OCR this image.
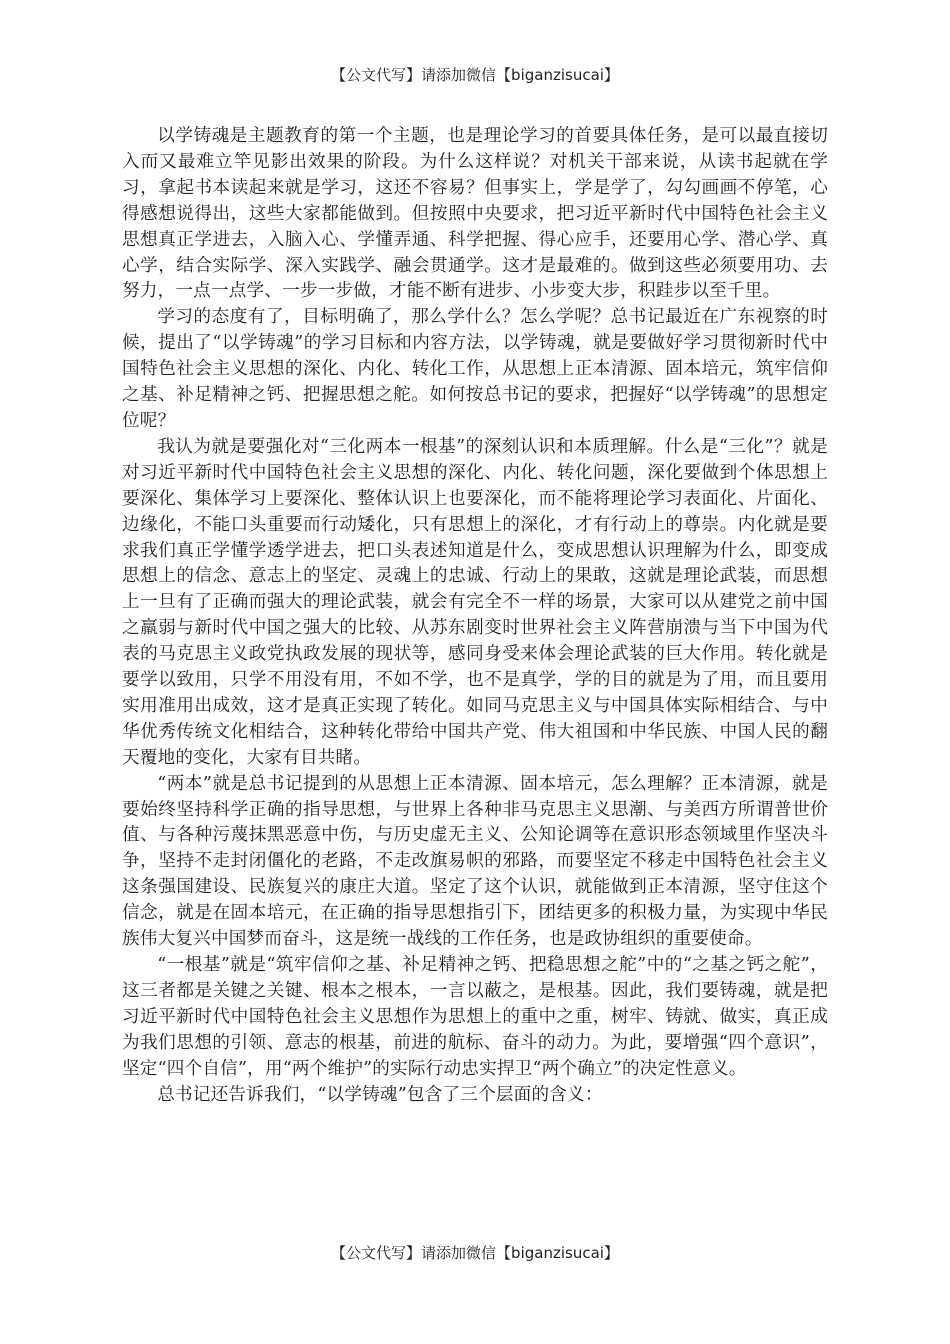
【公文代写】请添加微信【biganzisucai】

以学铸魂是主题教育的第一个主题，也是理论学习的首要具体任务，是可以最直接切入而又最难立竿见影出效果的阶段。为什么这样说？对机关干部来说，从读书起就在学习，拿起书本读起来就是学习，这还不容易？但事实上，学是学了，勾勾画画不停笔，心得感想说得出，这些大家都能做到。但按照中央要求，把习近平新时代中国特色社会主义思想真正学进去，入脑入心、学懂弄通、科学把握、得心应手，还要用心学、潜心学、真心学，结合实际学、深入实践学、融会贯通学。这才是最难的。做到这些必须要用功、去努力，一点一点学、一步一步做，才能不断有进步、小步变大步，积跬步以至千里。

学习的态度有了，目标明确了，那么学什么？怎么学呢？总书记最近在广东视察的时候，提出了“以学铸魂”的学习目标和内容方法，以学铸魂，就是要做好学习贯彻新时代中国特色社会主义思想的深化、内化、转化工作，从思想上正本清源、固本培元，筑牢信仰之基、补足精神之钙、把握思想之舵。如何按总书记的要求，把握好“以学铸魂”的思想定位呢？

我认为就是要强化对“三化两本一根基”的深刻认识和本质理解。什么是“三化”？就是对习近平新时代中国特色社会主义思想的深化、内化、转化问题，深化要做到个体思想上要深化、集体学习上要深化、整体认识上也要深化，而不能将理论学习表面化、片面化、边缘化，不能口头重要而行动矮化，只有思想上的深化，才有行动上的尊崇。内化就是要求我们真正学懂学透学进去，把口头表述知道是什么，变成思想认识理解为什么，即变成思想上的信念、意志上的坚定、灵魂上的忠诚、行动上的果敢，这就是理论武装，而思想上一旦有了正确而强大的理论武装，就会有完全不一样的场景，大家可以从建党之前中国之羸弱与新时代中国之强大的比较、从苏东剧变时世界社会主义阵营崩溃与当下中国为代表的马克思主义政党执政发展的现状等，感同身受来体会理论武装的巨大作用。转化就是要学以致用，只学不用没有用，不如不学，也不是真学，学的目的就是为了用，而且要用实用准用出成效，这才是真正实现了转化。如同马克思主义与中国具体实际相结合、与中华优秀传统文化相结合，这种转化带给中国共产党、伟大祖国和中华民族、中国人民的翻天覆地的变化，大家有目共睹。

“两本”就是总书记提到的从思想上正本清源、固本培元，怎么理解？正本清源，就是要始终坚持科学正确的指导思想，与世界上各种非马克思主义思潮、与美西方所谓普世价值、与各种污蔑抹黑恶意中伤，与历史虚无主义、公知论调等在意识形态领域里作坚决斗争，坚持不走封闭僵化的老路，不走改旗易帜的邪路，而要坚定不移走中国特色社会主义这条强国建设、民族复兴的康庄大道。坚定了这个认识，就能做到正本清源，坚守住这个信念，就是在固本培元，在正确的指导思想指引下，团结更多的积极力量，为实现中华民族伟大复兴中国梦而奋斗，这是统一战线的工作任务，也是政协组织的重要使命。

“一根基”就是“筑牢信仰之基、补足精神之钙、把稳思想之舵”中的“之基之钙之舵”，这三者都是关键之关键、根本之根本，一言以蔽之，是根基。因此，我们要铸魂，就是把习近平新时代中国特色社会主义思想作为思想上的重中之重，树牢、铸就、做实，真正成为我们思想的引领、意志的根基，前进的航标、奋斗的动力。为此，要增强“四个意识”，坚定“四个自信”，用“两个维护”的实际行动忠实捍卫“两个确立”的决定性意义。

总书记还告诉我们，“以学铸魂”包含了三个层面的含义：

【公文代写】请添加微信【biganzisucai】
